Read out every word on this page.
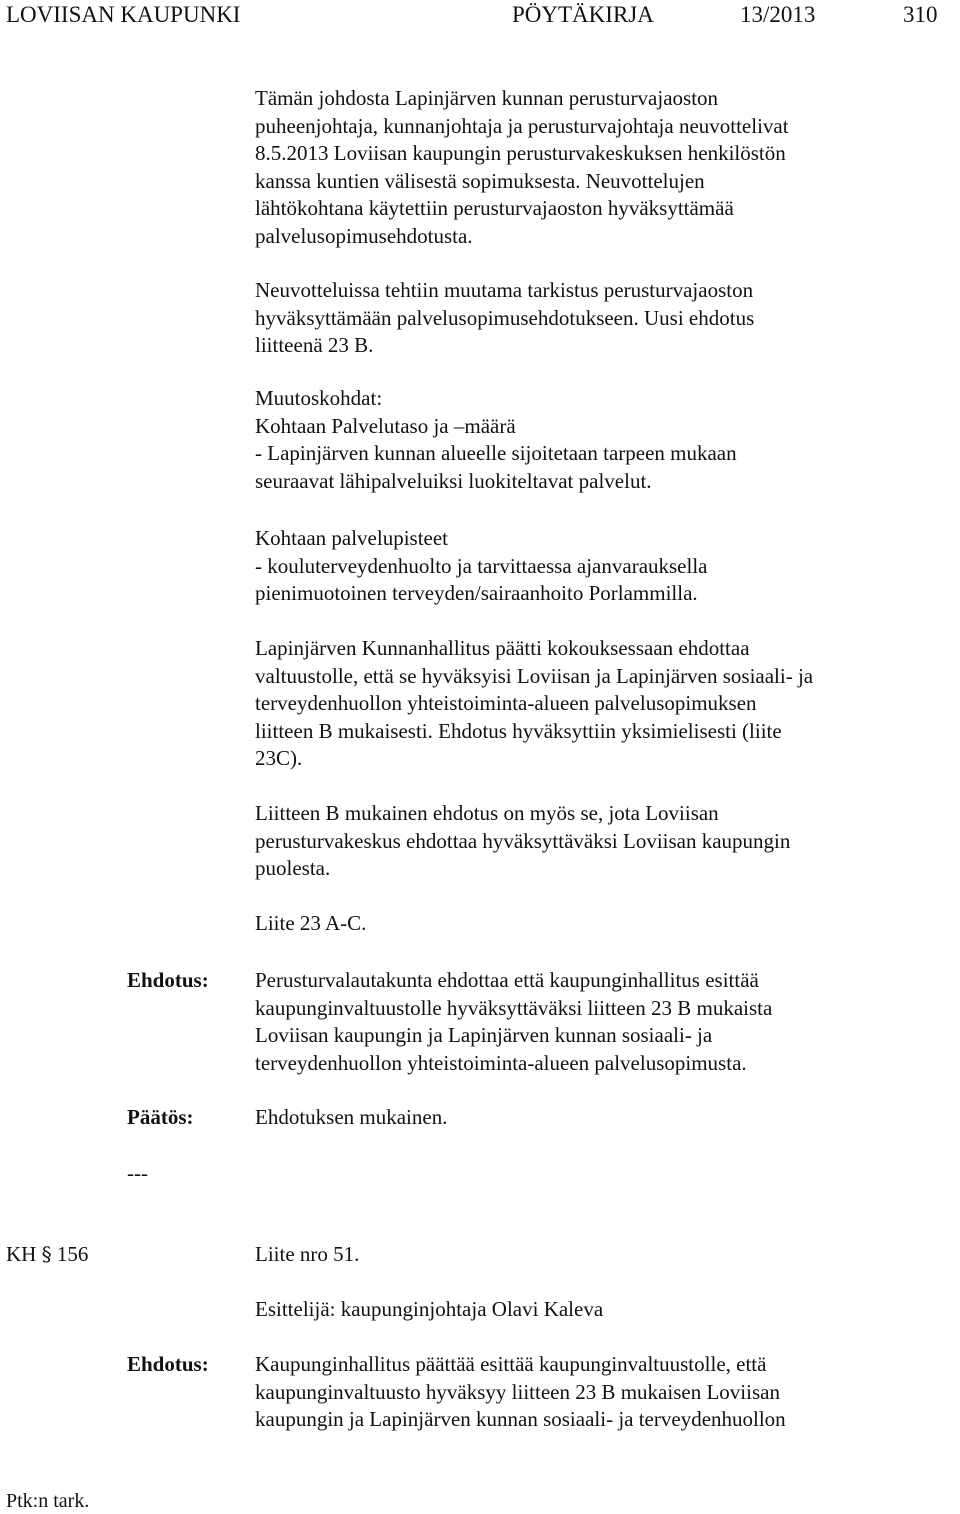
LOVIISAN KAUPUNKI	PÖYTÄKIRJA	13/2013	310
Tämän johdosta Lapinjärven kunnan perusturvajaoston
puheenjohtaja, kunnanjohtaja ja perusturvajohtaja neuvottelivat
8.5.2013 Loviisan kaupungin perusturvakeskuksen henkilöstön
kanssa kuntien välisestä sopimuksesta. Neuvottelujen
lähtökohtana käytettiin perusturvajaoston hyväksyttämää
palvelusopimusehdotusta.
Neuvotteluissa tehtiin muutama tarkistus perusturvajaoston
hyväksyttämään palvelusopimusehdotukseen. Uusi ehdotus
liitteenä 23 B.
Muutoskohdat:
Kohtaan Palvelutaso ja –määrä
- Lapinjärven kunnan alueelle sijoitetaan tarpeen mukaan
seuraavat lähipalveluiksi luokiteltavat palvelut.
Kohtaan palvelupisteet
- kouluterveydenhuolto ja tarvittaessa ajanvarauksella
pienimuotoinen terveyden/sairaanhoito Porlammilla.
Lapinjärven Kunnanhallitus päätti kokouksessaan ehdottaa
valtuustolle, että se hyväksyisi Loviisan ja Lapinjärven sosiaali- ja
terveydenhuollon yhteistoiminta-alueen palvelusopimuksen
liitteen B mukaisesti. Ehdotus hyväksyttiin yksimielisesti (liite
23C).
Liitteen B mukainen ehdotus on myös se, jota Loviisan
perusturvakeskus ehdottaa hyväksyttäväksi Loviisan kaupungin
puolesta.
Liite 23 A-C.
Ehdotus: Perusturvalautakunta ehdottaa että kaupunginhallitus esittää
kaupunginvaltuustolle hyväksyttäväksi liitteen 23 B mukaista
Loviisan kaupungin ja Lapinjärven kunnan sosiaali- ja
terveydenhuollon yhteistoiminta-alueen palvelusopimusta.
Päätös:	Ehdotuksen mukainen.
---
KH § 156	Liite nro 51.
Esittelijä: kaupunginjohtaja Olavi Kaleva
Ehdotus: Kaupunginhallitus päättää esittää kaupunginvaltuustolle, että
kaupunginvaltuusto hyväksyy liitteen 23 B mukaisen Loviisan
kaupungin ja Lapinjärven kunnan sosiaali- ja terveydenhuollon
Ptk:n tark.
